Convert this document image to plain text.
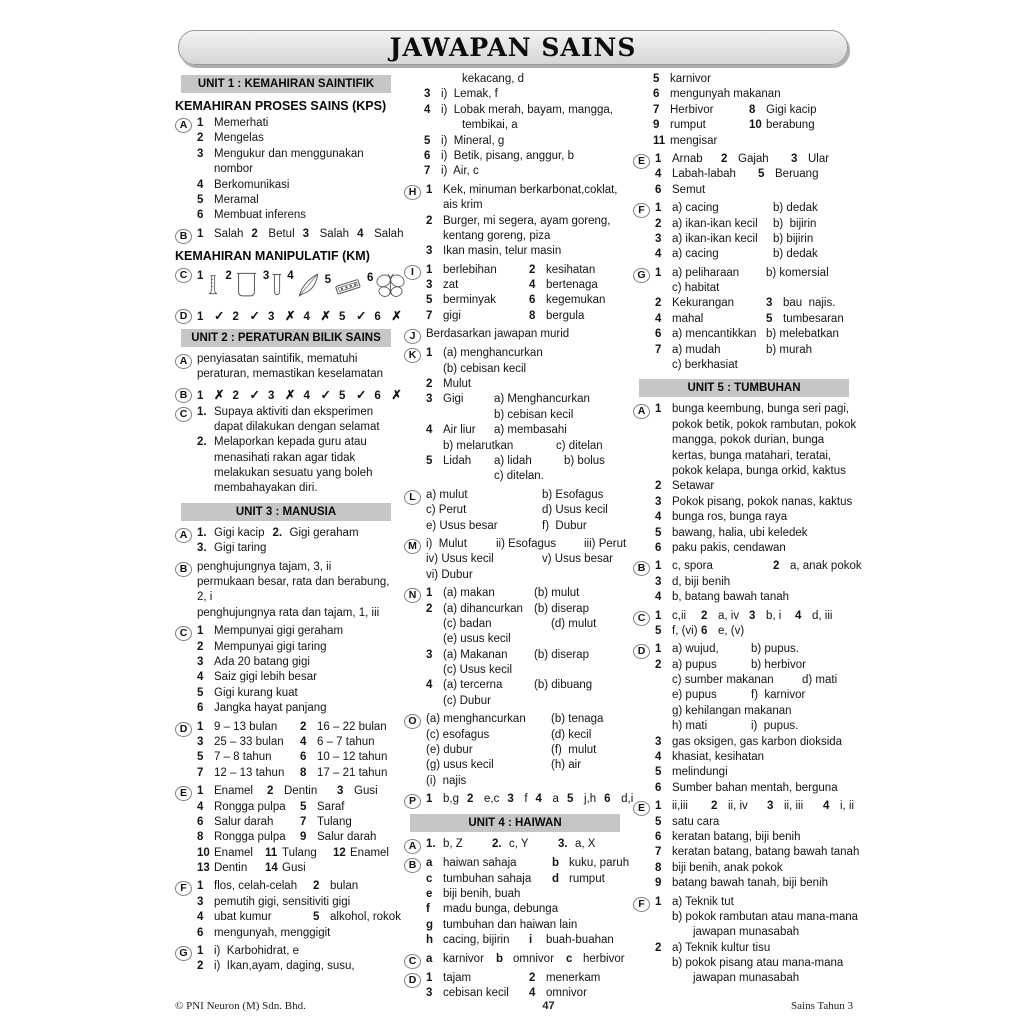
JAWAPAN SAINS
UNIT 1 : KEMAHIRAN SAINTIFIK
KEMAHIRAN PROSES SAINS (KPS)
A 1 Memerhati
2 Mengelas
3 Mengukur dan menggunakan
nombor
4 Berkomunikasi
5 Meramal
6 Membuat inferens
B 1 Salah 2 Betul 3 Salah 4 Salah
KEMAHIRAN MANIPULATIF (KM)
C 1 2	3 4	5	6
D 1 ✓ 2 ✓ 3 ✗ 4 ✗ 5 ✓ 6 ✗
UNIT 2 : PERATURAN BILIK SAINS
A penyiasatan saintifik, mematuhi
peraturan, memastikan keselamatan
B 1 ✗ 2 ✓ 3 ✗ 4 ✓ 5 ✓ 6 ✗
C 1. Supaya aktiviti dan eksperimen
dapat dilakukan dengan selamat
2. Melaporkan kepada guru atau
menasihati rakan agar tidak
melakukan sesuatu yang boleh
membahayakan diri.
UNIT 3 : MANUSIA
A 1. Gigi kacip 2. Gigi geraham
3. Gigi taring
B penghujungnya tajam, 3, ii
permukaan besar, rata dan berabung,
2, i
penghujungnya rata dan tajam, 1, iii
C 1 Mempunyai gigi geraham
2 Mempunyai gigi taring
3 Ada 20 batang gigi
4 Saiz gigi lebih besar
5 Gigi kurang kuat
6 Jangka hayat panjang
D 1 9 – 13 bulan 2 16 – 22 bulan
3 25 – 33 bulan 4 6 – 7 tahun
5 7 – 8 tahun 6 10 – 12 tahun
7 12 – 13 tahun 8 17 – 21 tahun
E 1 Enamel 2 Dentin 3 Gusi
4 Rongga pulpa 5 Saraf
6 Salur darah 7 Tulang
8 Rongga pulpa 9 Salur darah
10 Enamel 11 Tulang 12 Enamel
13 Dentin 14 Gusi
F 1 flos, celah-celah 2 bulan
3 pemutih gigi, sensitiviti gigi
4 ubat kumur	5 alkohol, rokok
6 mengunyah, menggigit
G 1 i)  Karbohidrat, e
2 i)  Ikan,ayam, daging, susu,
kekacang, d
3 i)  Lemak, f
4 i)  Lobak merah, bayam, mangga,
tembikai, a
5 i)  Mineral, g
6 i)  Betik, pisang, anggur, b
7 i)  Air, c
H 1 Kek, minuman berkarbonat,coklat,
ais krim
2 Burger, mi segera, ayam goreng,
kentang goreng, piza
3 Ikan masin, telur masin
I	1 berlebihan	2 kesihatan
3 zat	4 bertenaga
5 berminyak	6 kegemukan
7 gigi	8 bergula
J Berdasarkan jawapan murid
K 1 (a) menghancurkan
(b) cebisan kecil
2 Mulut
3 Gigi	a) Menghancurkan
b) cebisan kecil
4 Air liur a) membasahi
b) melarutkan	c) ditelan
5 Lidah a) lidah	b) bolus
c) ditelan.
L a) mulut	b) Esofagus
c) Perut	d) Usus kecil
e) Usus besar	f)  Dubur
M i)  Mulut	ii) Esofagus iii) Perut
iv) Usus kecil	v) Usus besar
vi) Dubur
N 1 (a) makan	(b) mulut
2 (a) dihancurkan (b) diserap
(c) badan	(d) mulut
(e) usus kecil
3 (a) Makanan (b) diserap
(c) Usus kecil
4 (a) tercerna	(b) dibuang
(c) Dubur
O (a) menghancurkan (b) tenaga
(c) esofagus	(d) kecil
(e) dubur	(f)  mulut
(g) usus kecil	(h) air
(i)  najis
P 1 b,g 2 e,c 3 f 4 a 5 j,h 6 d,i
UNIT 4 : HAIWAN
A 1. b, Z	2. c, Y	3. a, X
B a haiwan sahaja	b kuku, paruh
c tumbuhan sahaja d rumput
e biji benih, buah
f	madu bunga, debunga
g tumbuhan dan haiwan lain
h cacing, bijirin i	buah-buahan
C a karnivor b omnivor c herbivor
D 1 tajam	2 menerkam
3 cebisan kecil 4 omnivor
5 karnivor
6 mengunyah makanan
7 Herbivor	8 Gigi kacip
9 rumput	10 berabung
11 mengisar
E 1 Arnab 2 Gajah 3 Ular
4 Labah-labah 5 Beruang
6 Semut
F 1 a) cacing	b) dedak
2 a) ikan-ikan kecil b)  bijirin
3 a) ikan-ikan kecil b) bijirin
4 a) cacing	b) dedak
G 1 a) peliharaan b) komersial
c) habitat
2 Kekurangan	3 bau  najis.
4 mahal	5 tumbesaran
6 a) mencantikkan b) melebatkan
7 a) mudah	b) murah
c) berkhasiat
UNIT 5 : TUMBUHAN
A 1 bunga keembung, bunga seri pagi,
pokok betik, pokok rambutan, pokok
mangga, pokok durian, bunga
kertas, bunga matahari, teratai,
pokok kelapa, bunga orkid, kaktus
2 Setawar
3 Pokok pisang, pokok nanas, kaktus
4 bunga ros, bunga raya
5 bawang, halia, ubi keledek
6 paku pakis, cendawan
B 1 c, spora	2 a, anak pokok
3 d, biji benih
4 b, batang bawah tanah
C 1 c,ii 2 a, iv 3 b, i 4 d, iii
5 f, (vi) 6 e, (v)
D 1 a) wujud,	b) pupus.
2 a) pupus	b) herbivor
c) sumber makanan d) mati
e) pupus	f)  karnivor
g) kehilangan makanan
h) mati	i)  pupus.
3 gas oksigen, gas karbon dioksida
4 khasiat, kesihatan
5 melindungi
6 Sumber bahan mentah, berguna
E 1 ii,iii 2 ii, iv 3 ii, iii 4 i, ii
5 satu cara
6 keratan batang, biji benih
7 keratan batang, batang bawah tanah
8 biji benih, anak pokok
9 batang bawah tanah, biji benih
F 1 a) Teknik tut
b) pokok rambutan atau mana-mana
jawapan munasabah
2 a) Teknik kultur tisu
b) pokok pisang atau mana-mana
jawapan munasabah
© PNI Neuron (M) Sdn. Bhd.	47	Sains Tahun 3
